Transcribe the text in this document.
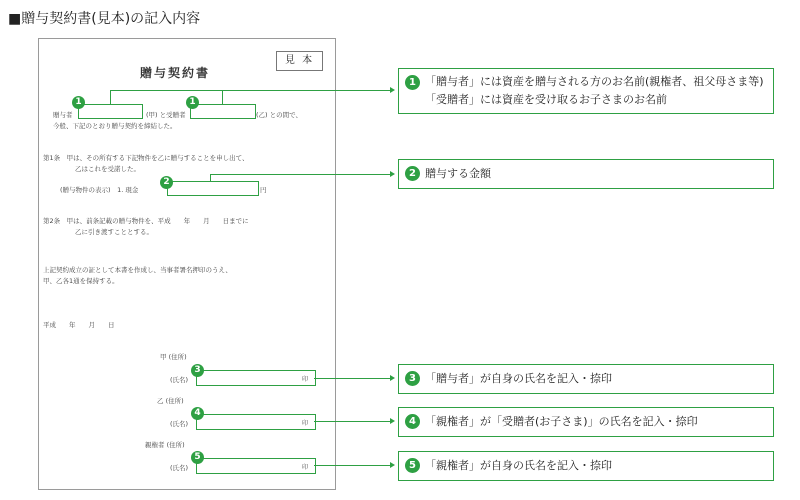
■贈与契約書(見本)の記入内容
見 本
贈与契約書
贈与者	(甲) と受贈者	(乙) との間で、
今般、下記のとおり贈与契約を締結した。
第1条　甲は、その所有する下記物件を乙に贈与することを申し出て、
乙はこれを受諾した。
(贈与物件の表示)　1. 現金	円
第2条　甲は、前条記載の贈与物件を、平成　　年　　月　　日までに
乙に引き渡すこととする。
上記契約成立の証として本書を作成し、当事者署名押印のうえ、
甲、乙各1通を保持する。
平成　　年　　月　　日
甲 (住所)
(氏名)
乙 (住所)
(氏名)
親権者 (住所)
(氏名)
印
印
印
1	1
2
3
4
5
1 「贈与者」には資産を贈与される方のお名前(親権者、祖父母さま等)「受贈者」には資産を受け取るお子さまのお名前
2 贈与する金額
3 「贈与者」が自身の氏名を記入・捺印
4 「親権者」が「受贈者(お子さま)」の氏名を記入・捺印
5 「親権者」が自身の氏名を記入・捺印
